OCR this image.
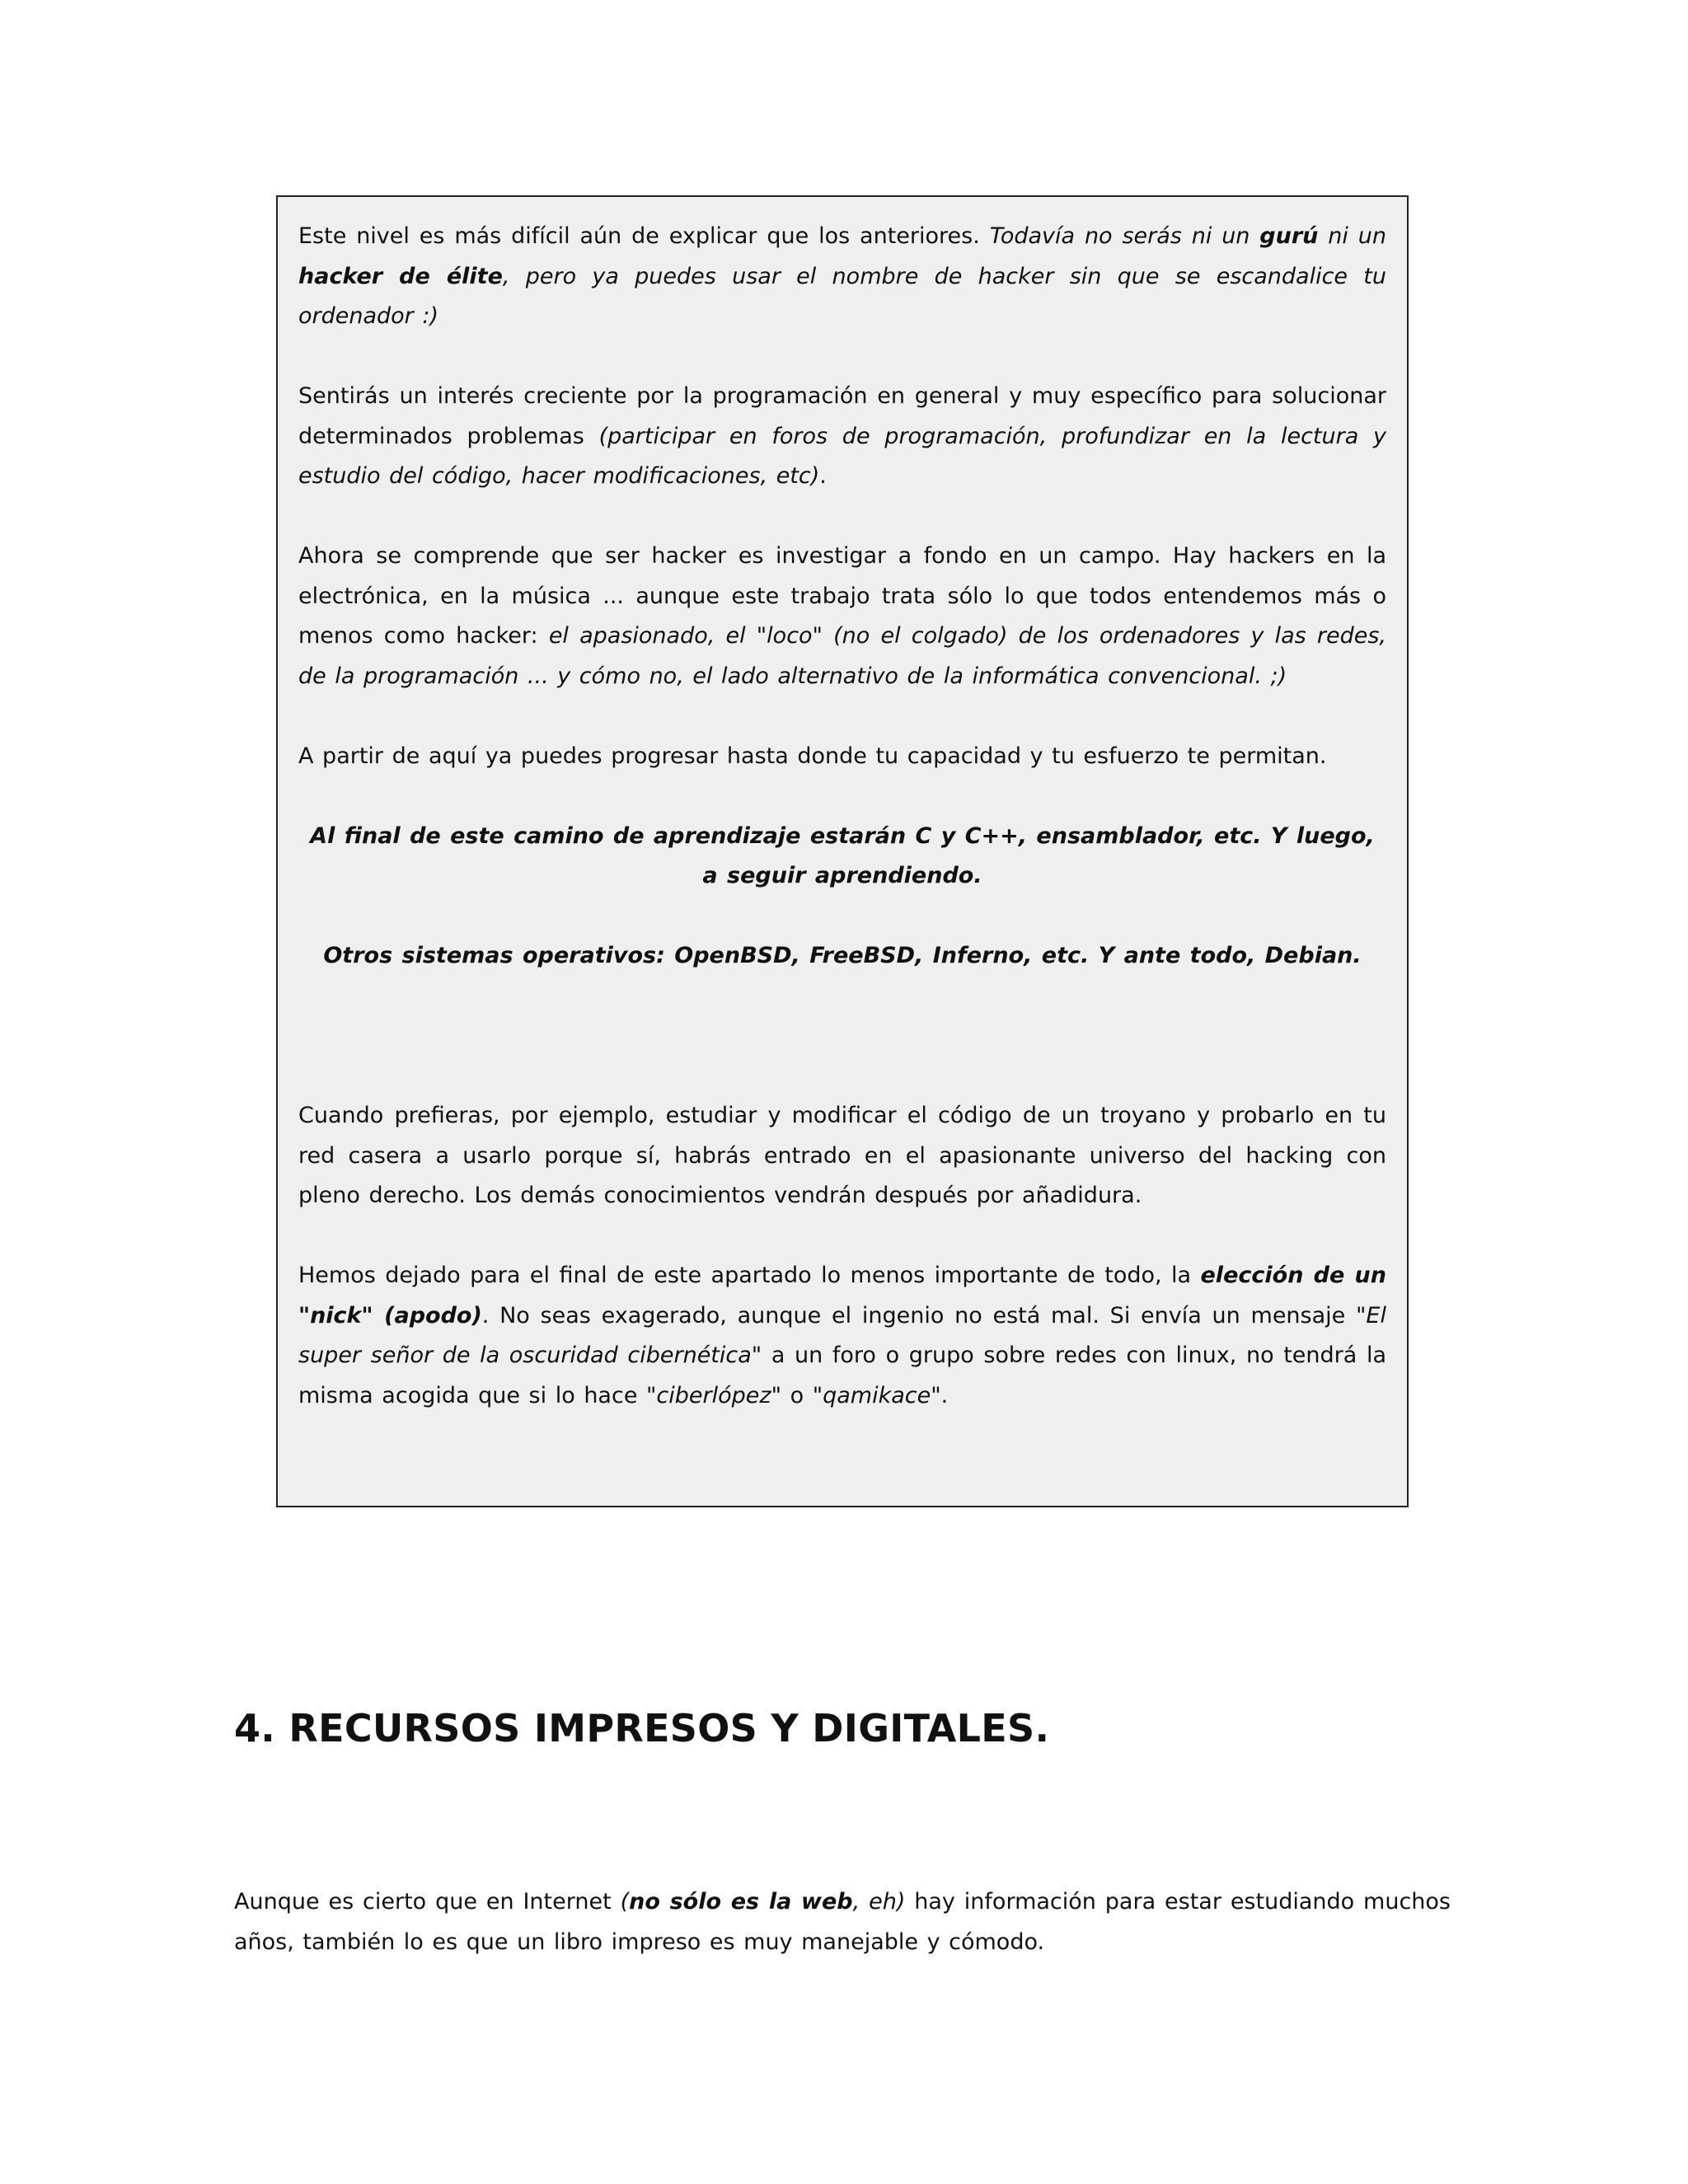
Este nivel es más difícil aún de explicar que los anteriores. Todavía no serás ni un gurú ni un hacker de élite, pero ya puedes usar el nombre de hacker sin que se escandalice tu ordenador :)

Sentirás un interés creciente por la programación en general y muy específico para solucionar determinados problemas (participar en foros de programación, profundizar en la lectura y estudio del código, hacer modificaciones, etc).

Ahora se comprende que ser hacker es investigar a fondo en un campo. Hay hackers en la electrónica, en la música ... aunque este trabajo trata sólo lo que todos entendemos más o menos como hacker: el apasionado, el "loco" (no el colgado) de los ordenadores y las redes, de la programación ... y cómo no, el lado alternativo de la informática convencional. ;)

A partir de aquí ya puedes progresar hasta donde tu capacidad y tu esfuerzo te permitan.

Al final de este camino de aprendizaje estarán C y C++, ensamblador, etc. Y luego, a seguir aprendiendo.

Otros sistemas operativos: OpenBSD, FreeBSD, Inferno, etc. Y ante todo, Debian.

Cuando prefieras, por ejemplo, estudiar y modificar el código de un troyano y probarlo en tu red casera a usarlo porque sí, habrás entrado en el apasionante universo del hacking con pleno derecho. Los demás conocimientos vendrán después por añadidura.

Hemos dejado para el final de este apartado lo menos importante de todo, la elección de un "nick" (apodo). No seas exagerado, aunque el ingenio no está mal. Si envía un mensaje "El super señor de la oscuridad cibernética" a un foro o grupo sobre redes con linux, no tendrá la misma acogida que si lo hace "ciberlópez" o "qamikace".

4. RECURSOS IMPRESOS Y DIGITALES.

Aunque es cierto que en Internet (no sólo es la web, eh) hay información para estar estudiando muchos años, también lo es que un libro impreso es muy manejable y cómodo.
